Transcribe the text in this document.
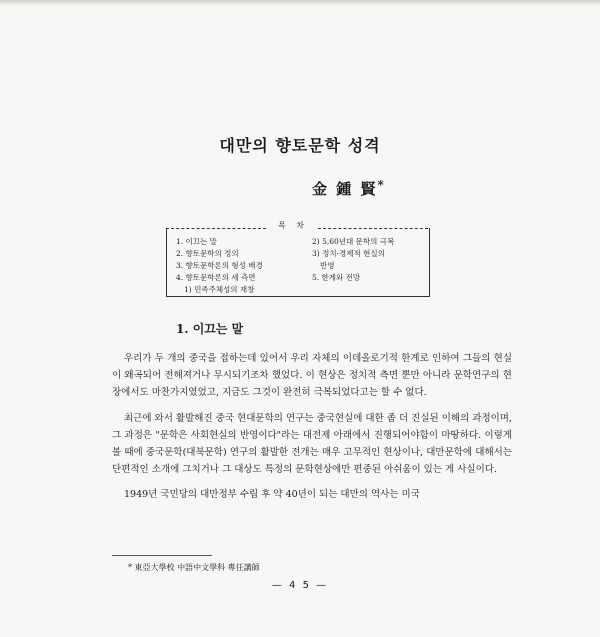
대만의 향토문학 성격
金 鍾 賢*
목 차
1. 이끄는 말
2. 향토문학의 정의
3. 향토문학론의 형성 배경
4. 향토문학론의 세 측면
1) 민족주체성의 재창
2) 5,60년대 문학의 극복
3) 정치·경제적 현실의
반영
5. 한계와 전망
1. 이끄는 말

우리가 두 개의 중국을 접하는데 있어서 우리 자체의 이데올로기적 한계로 인하여 그들의 현실이 왜곡되어 전해져거나 무시되기조차 했었다. 이 현상은 정치적 측면 뿐만 아니라 문학연구의 현장에서도 마찬가지였었고, 지금도 그것이 완전히 극복되었다고는 할 수 없다.

최근에 와서 활발해진 중국 현대문학의 연구는 중국현실에 대한 좀 더 진실된 이해의 과정이며, 그 과정은 "문학은 사회현실의 반영이다"라는 대전제 아래에서 진행되어야함이 마땅하다. 이렇게 볼 때에 중국문학(대북문학) 연구의 활발한 전개는 매우 고무적인 현상이나, 대만문학에 대해서는 단편적인 소개에 그치거나 그 대상도 특정의 문학현상에만 편중된 아쉬움이 있는 게 사실이다.

1949년 국민당의 대만정부 수립 후 약 40년이 되는 대만의 역사는 미국

* 東亞大學校 中語中文學科 專任講師
— 4 5 —
